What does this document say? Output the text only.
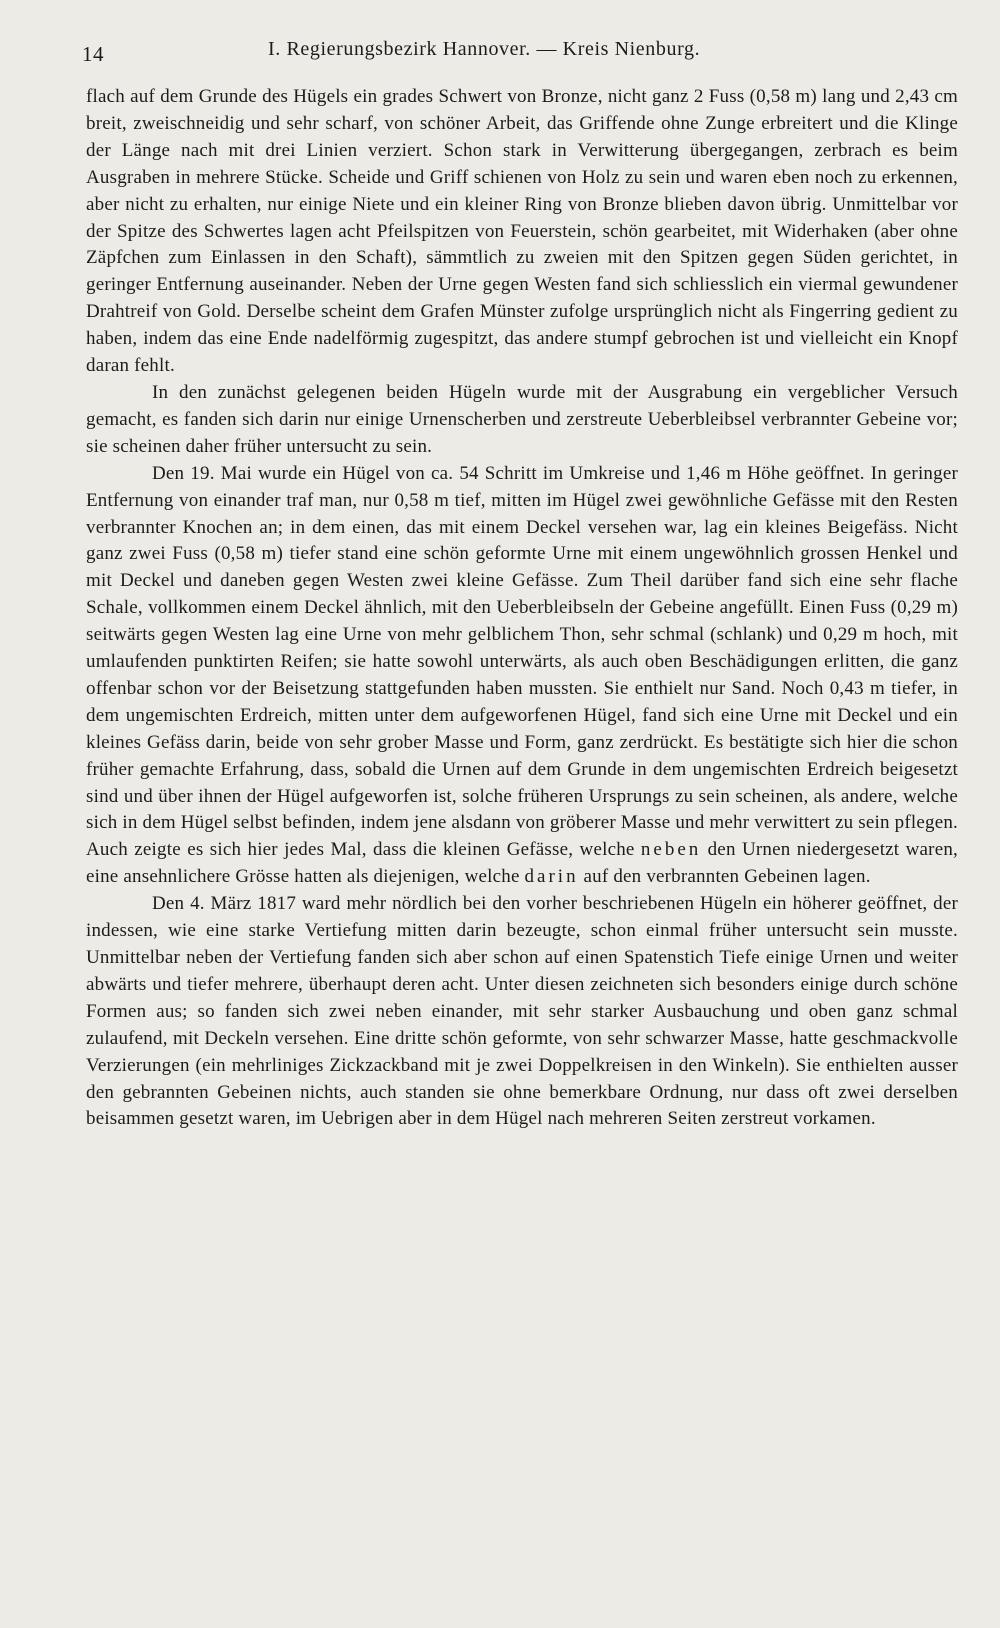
14	I. Regierungsbezirk Hannover. — Kreis Nienburg.

flach auf dem Grunde des Hügels ein grades Schwert von Bronze, nicht ganz 2 Fuss (0,58 m) lang und 2,43 cm breit, zweischneidig und sehr scharf, von schöner Arbeit, das Griffende ohne Zunge erbreitert und die Klinge der Länge nach mit drei Linien verziert. Schon stark in Verwitterung übergegangen, zerbrach es beim Ausgraben in mehrere Stücke. Scheide und Griff schienen von Holz zu sein und waren eben noch zu erkennen, aber nicht zu erhalten, nur einige Niete und ein kleiner Ring von Bronze blieben davon übrig. Unmittelbar vor der Spitze des Schwertes lagen acht Pfeilspitzen von Feuerstein, schön gearbeitet, mit Widerhaken (aber ohne Zäpfchen zum Einlassen in den Schaft), sämmtlich zu zweien mit den Spitzen gegen Süden gerichtet, in geringer Entfernung auseinander. Neben der Urne gegen Westen fand sich schliesslich ein viermal gewundener Drahtreif von Gold. Derselbe scheint dem Grafen Münster zufolge ursprünglich nicht als Fingerring gedient zu haben, indem das eine Ende nadelförmig zugespitzt, das andere stumpf gebrochen ist und vielleicht ein Knopf daran fehlt.

In den zunächst gelegenen beiden Hügeln wurde mit der Ausgrabung ein vergeblicher Versuch gemacht, es fanden sich darin nur einige Urnenscherben und zerstreute Ueberbleibsel verbrannter Gebeine vor; sie scheinen daher früher untersucht zu sein.

Den 19. Mai wurde ein Hügel von ca. 54 Schritt im Umkreise und 1,46 m Höhe geöffnet. In geringer Entfernung von einander traf man, nur 0,58 m tief, mitten im Hügel zwei gewöhnliche Gefässe mit den Resten verbrannter Knochen an; in dem einen, das mit einem Deckel versehen war, lag ein kleines Beigefäss. Nicht ganz zwei Fuss (0,58 m) tiefer stand eine schön geformte Urne mit einem ungewöhnlich grossen Henkel und mit Deckel und daneben gegen Westen zwei kleine Gefässe. Zum Theil darüber fand sich eine sehr flache Schale, vollkommen einem Deckel ähnlich, mit den Ueberbleibseln der Gebeine angefüllt. Einen Fuss (0,29 m) seitwärts gegen Westen lag eine Urne von mehr gelblichem Thon, sehr schmal (schlank) und 0,29 m hoch, mit umlaufenden punktirten Reifen; sie hatte sowohl unterwärts, als auch oben Beschädigungen erlitten, die ganz offenbar schon vor der Beisetzung stattgefunden haben mussten. Sie enthielt nur Sand. Noch 0,43 m tiefer, in dem ungemischten Erdreich, mitten unter dem aufgeworfenen Hügel, fand sich eine Urne mit Deckel und ein kleines Gefäss darin, beide von sehr grober Masse und Form, ganz zerdrückt. Es bestätigte sich hier die schon früher gemachte Erfahrung, dass, sobald die Urnen auf dem Grunde in dem ungemischten Erdreich beigesetzt sind und über ihnen der Hügel aufgeworfen ist, solche früheren Ursprungs zu sein scheinen, als andere, welche sich in dem Hügel selbst befinden, indem jene alsdann von gröberer Masse und mehr verwittert zu sein pflegen. Auch zeigte es sich hier jedes Mal, dass die kleinen Gefässe, welche neben den Urnen niedergesetzt waren, eine ansehnlichere Grösse hatten als diejenigen, welche darin auf den verbrannten Gebeinen lagen.

Den 4. März 1817 ward mehr nördlich bei den vorher beschriebenen Hügeln ein höherer geöffnet, der indessen, wie eine starke Vertiefung mitten darin bezeugte, schon einmal früher untersucht sein musste. Unmittelbar neben der Vertiefung fanden sich aber schon auf einen Spatenstich Tiefe einige Urnen und weiter abwärts und tiefer mehrere, überhaupt deren acht. Unter diesen zeichneten sich besonders einige durch schöne Formen aus; so fanden sich zwei neben einander, mit sehr starker Ausbauchung und oben ganz schmal zulaufend, mit Deckeln versehen. Eine dritte schön geformte, von sehr schwarzer Masse, hatte geschmackvolle Verzierungen (ein mehrliniges Zickzackband mit je zwei Doppelkreisen in den Winkeln). Sie enthielten ausser den gebrannten Gebeinen nichts, auch standen sie ohne bemerkbare Ordnung, nur dass oft zwei derselben beisammen gesetzt waren, im Uebrigen aber in dem Hügel nach mehreren Seiten zerstreut vorkamen.
